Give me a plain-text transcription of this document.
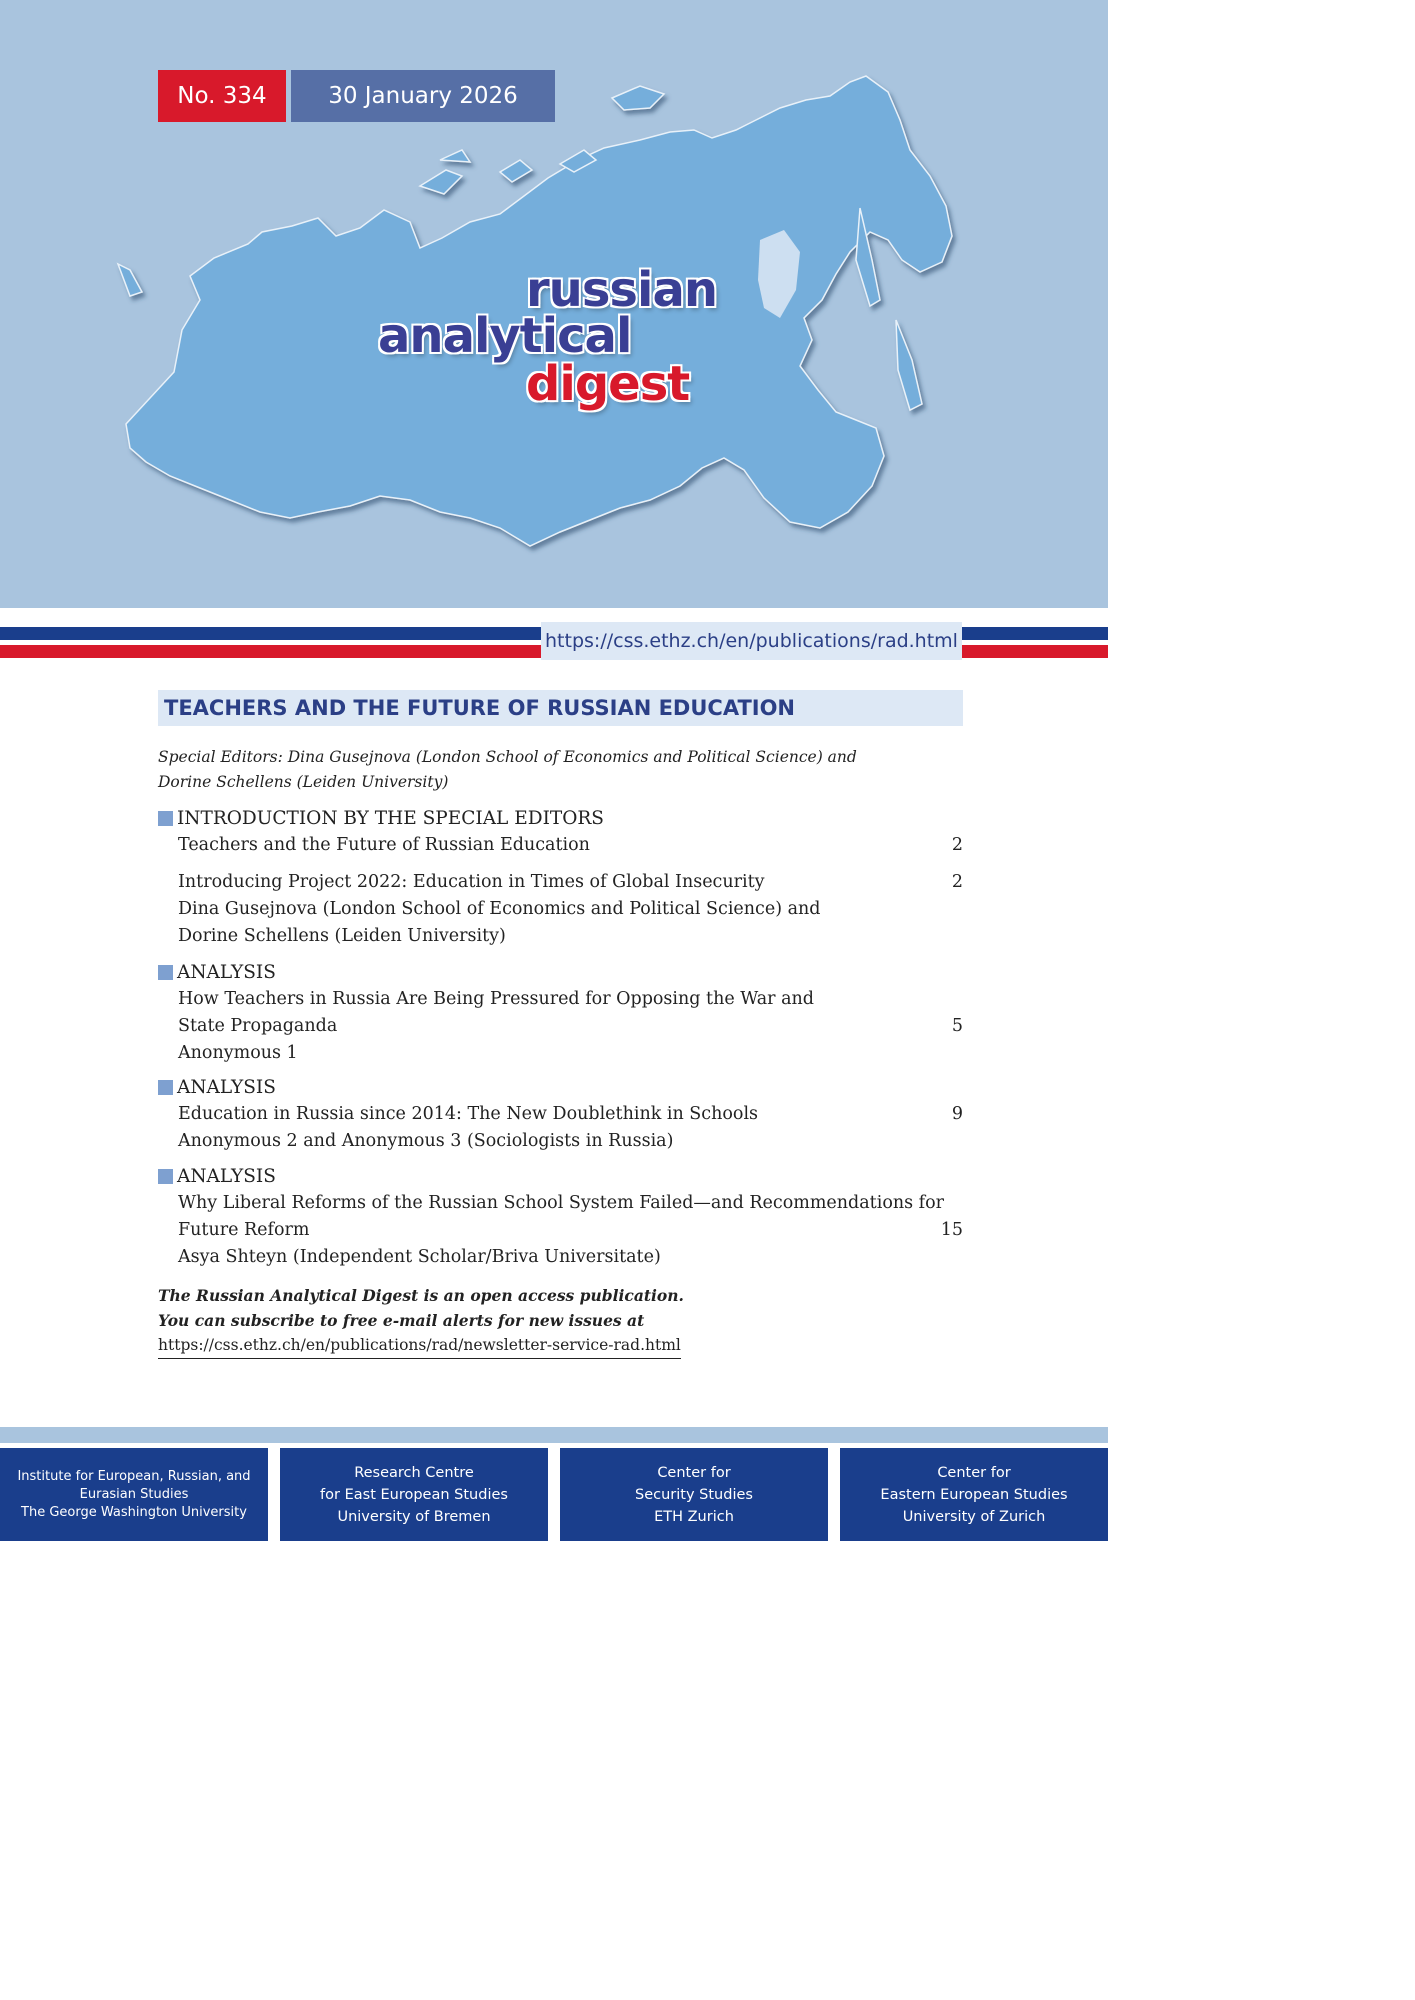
No. 334	30 January 2026
russian
analytical
digest
https://css.ethz.ch/en/publications/rad.html
TEACHERS AND THE FUTURE OF RUSSIAN EDUCATION
Special Editors: Dina Gusejnova (London School of Economics and Political Science) and
Dorine Schellens (Leiden University)
INTRODUCTION BY THE SPECIAL EDITORS
Teachers and the Future of Russian Education	2
Introducing Project 2022: Education in Times of Global Insecurity
Dina Gusejnova (London School of Economics and Political Science) and
Dorine Schellens (Leiden University)
2
ANALYSIS
How Teachers in Russia Are Being Pressured for Opposing the War and
State Propaganda
Anonymous 1
5
ANALYSIS
Education in Russia since 2014: The New Doublethink in Schools
Anonymous 2 and Anonymous 3 (Sociologists in Russia)
9
ANALYSIS
Why Liberal Reforms of the Russian School System Failed—and Recommendations for
Future Reform
Asya Shteyn (Independent Scholar/Briva Universitate)
15
The Russian Analytical Digest is an open access publication.
You can subscribe to free e-mail alerts for new issues at
https://css.ethz.ch/en/publications/rad/newsletter-service-rad.html
Institute for European, Russian, and
Eurasian Studies
The George Washington University
Research Centre
for East European Studies
University of Bremen
Center for
Security Studies
ETH Zurich
Center for
Eastern European Studies
University of Zurich
